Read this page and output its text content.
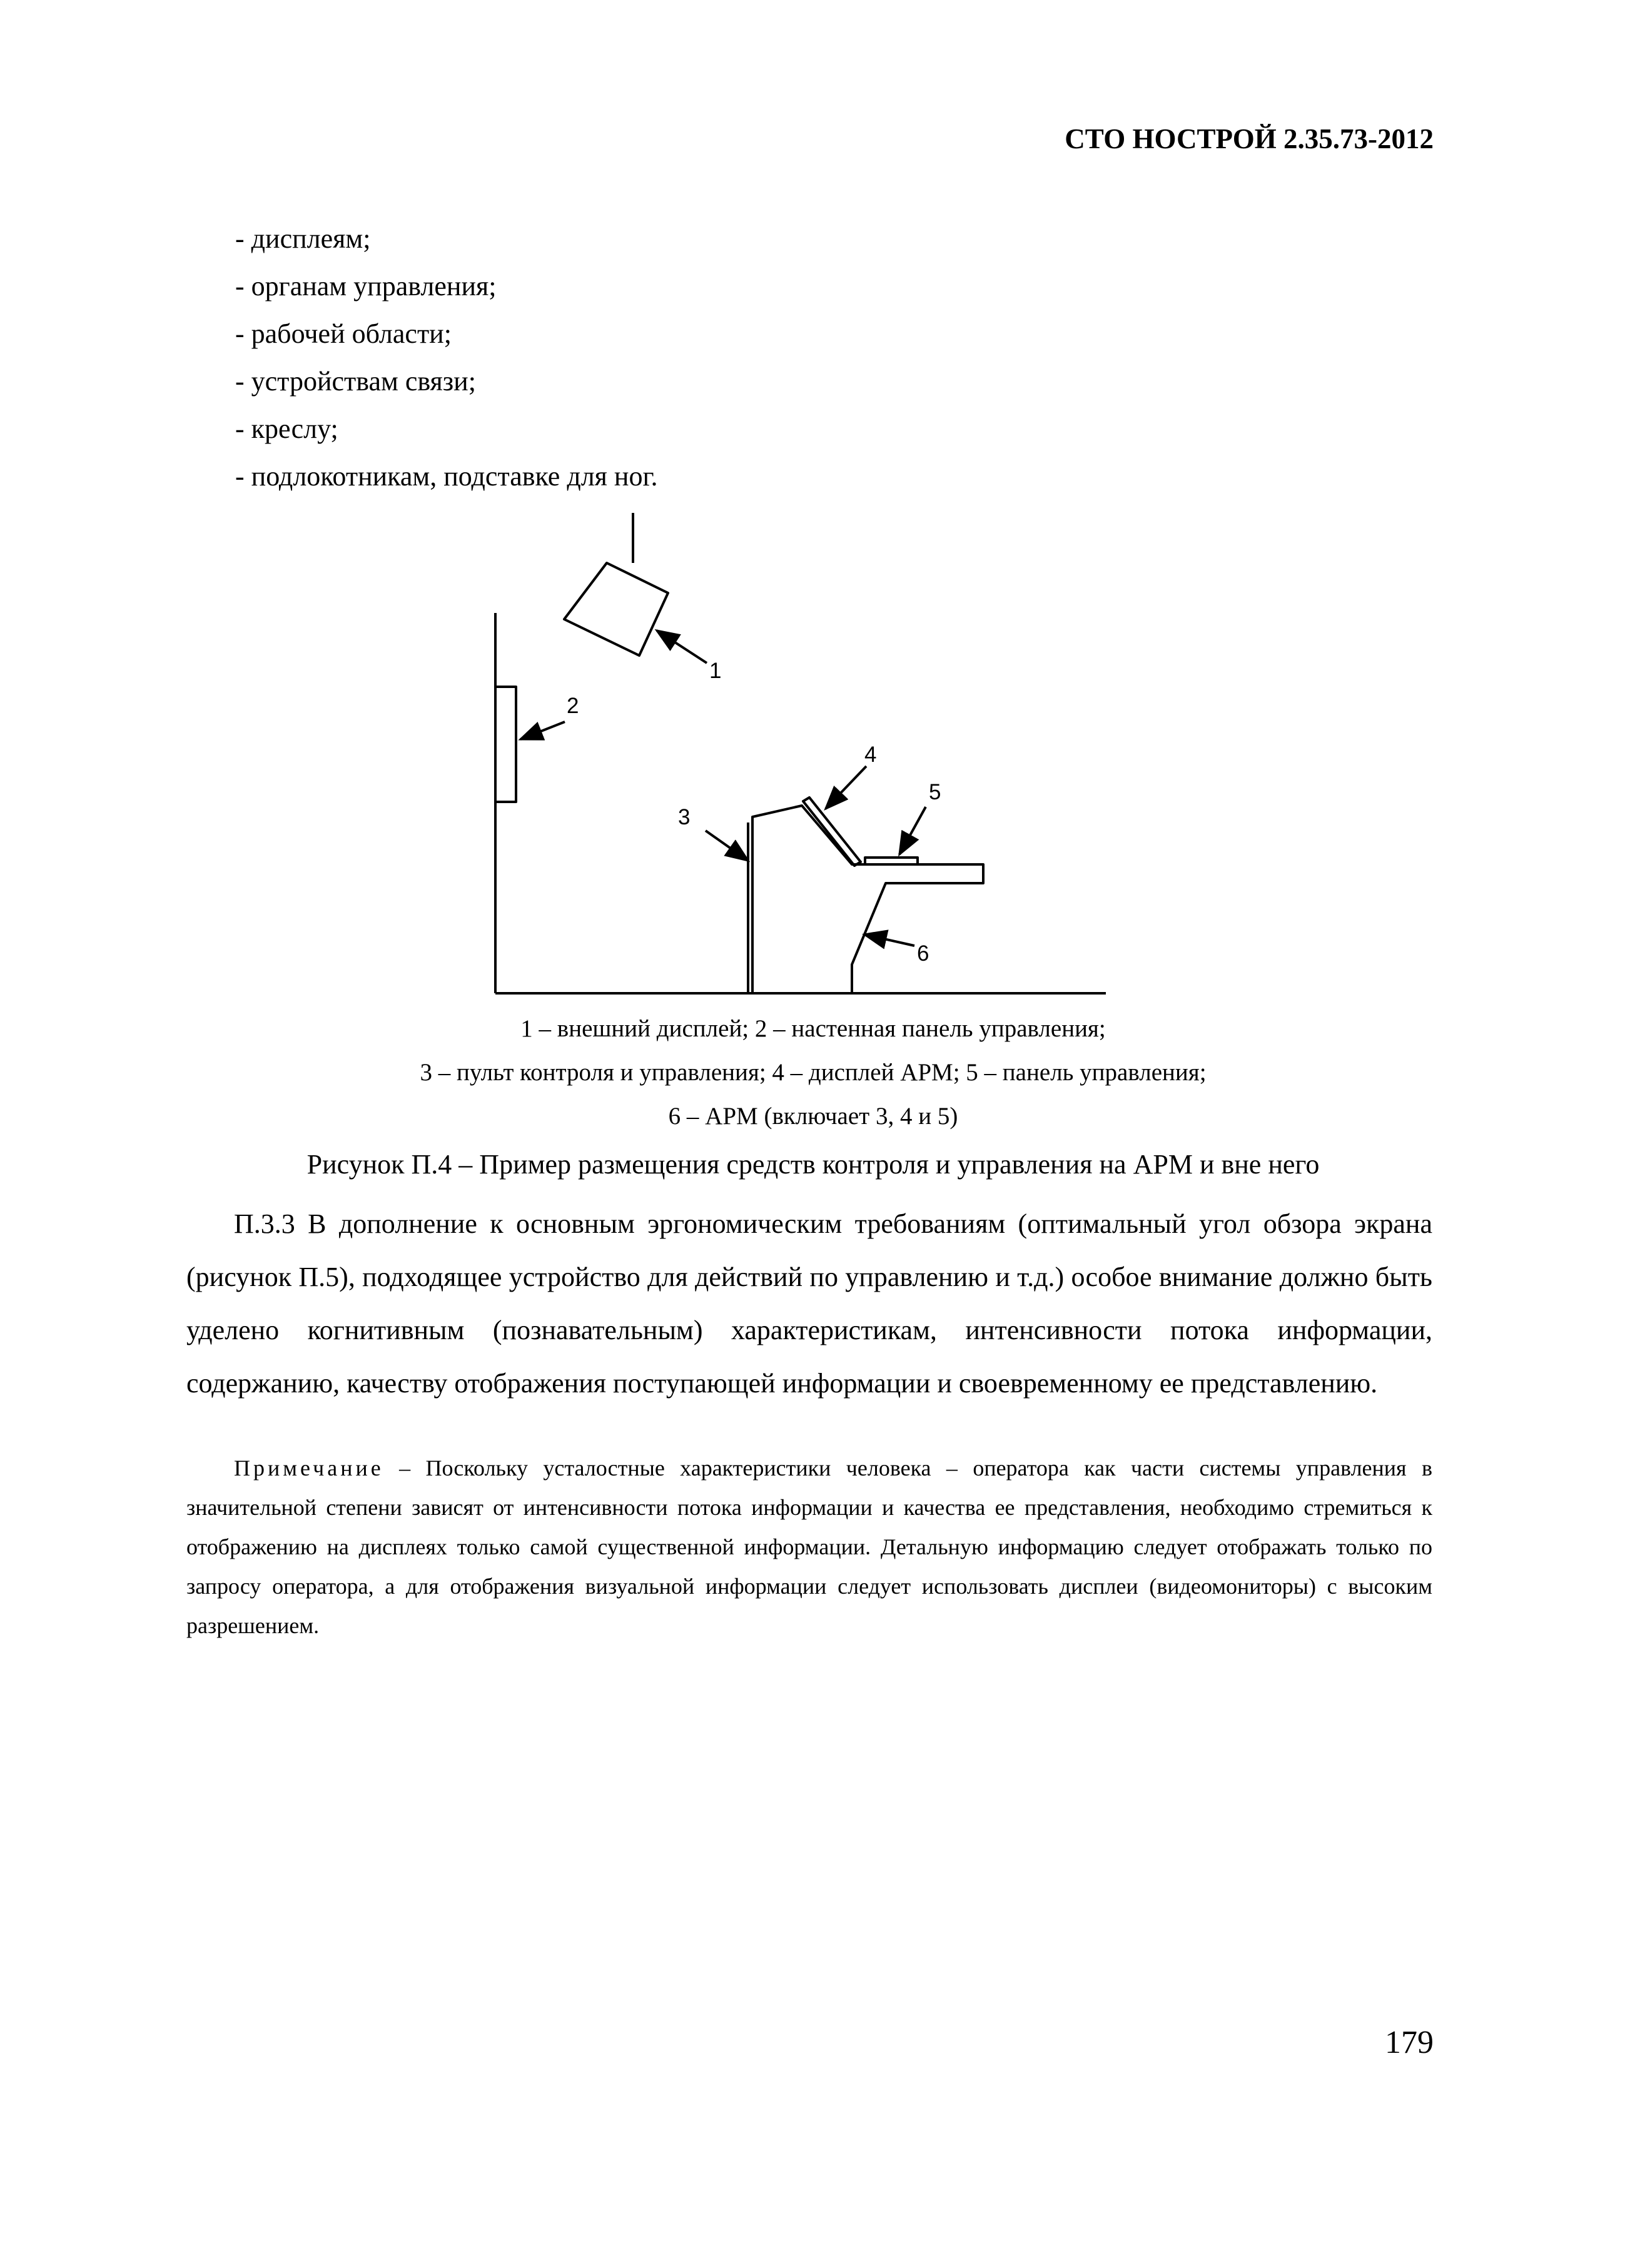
СТО НОСТРОЙ 2.35.73-2012
- дисплеям;
- органам управления;
- рабочей области;
- устройствам связи;
- креслу;
- подлокотникам, подставке для ног.
1
2
3
4
5
6
1 – внешний дисплей; 2 – настенная панель управления;
3 – пульт контроля и управления; 4 – дисплей АРМ; 5 – панель управления;
6 – АРМ (включает 3, 4 и 5)
Рисунок П.4 – Пример размещения средств контроля и управления на АРМ и вне него

П.3.3 В дополнение к основным эргономическим требованиям (оптимальный угол обзора экрана (рисунок П.5), подходящее устройство для действий по управлению и т.д.) особое внимание должно быть уделено когнитивным (познавательным) характеристикам, интенсивности потока информации, содержанию, качеству отображения поступающей информации и своевременному ее представлению.

Примечание – Поскольку усталостные характеристики человека – оператора как части системы управления в значительной степени зависят от интенсивности потока информации и качества ее представления, необходимо стремиться к отображению на дисплеях только самой существенной информации. Детальную информацию следует отображать только по запросу оператора, а для отображения визуальной информации следует использовать дисплеи (видеомониторы) с высоким разрешением.

179
